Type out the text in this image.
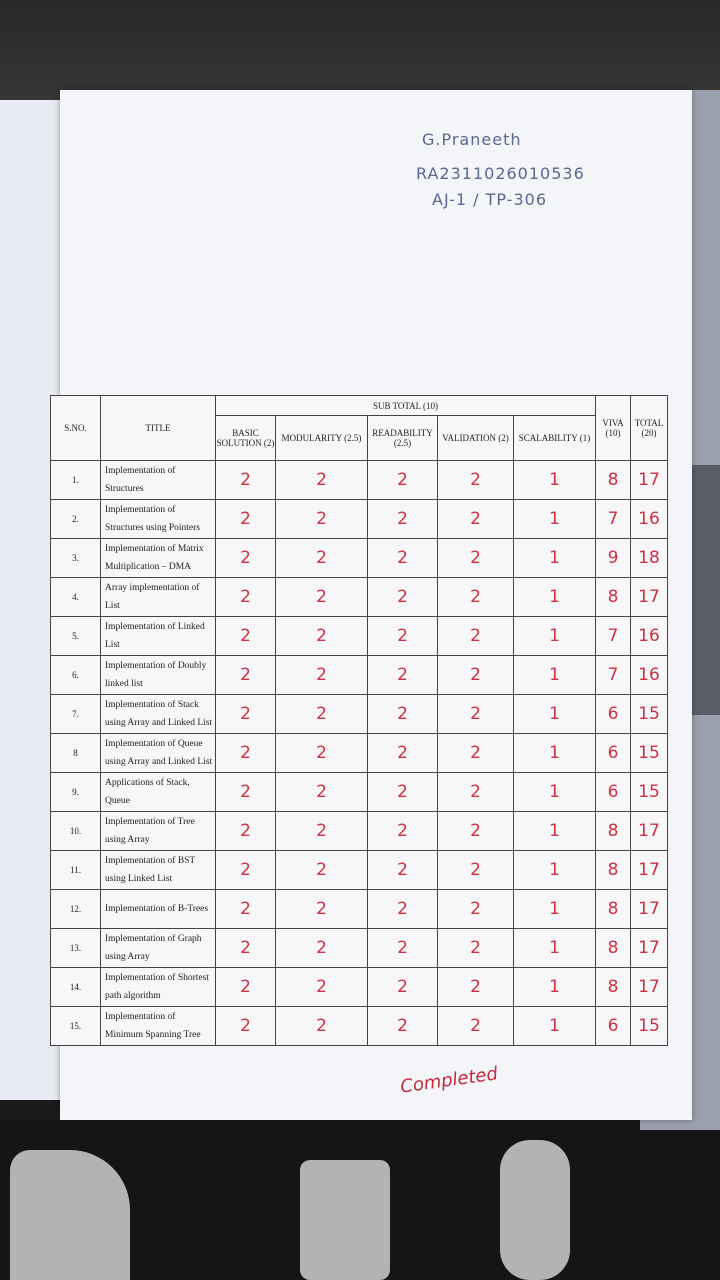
G.Praneeth
RA2311026010536
AJ-1 / TP-306
S.NO.	TITLE	SUB TOTAL (10)					VIVA (10)	TOTAL (20)
		BASIC SOLUTION (2)	MODULARITY (2.5)	READABILITY (2.5)	VALIDATION (2)	SCALABILITY (1)		
1.	Implementation of Structures	2	2	2	2	1	8	17
2.	Implementation of Structures using Pointers	2	2	2	2	1	7	16
3.	Implementation of Matrix Multiplication – DMA	2	2	2	2	1	9	18
4.	Array implementation of List	2	2	2	2	1	8	17
5.	Implementation of Linked List	2	2	2	2	1	7	16
6.	Implementation of Doubly linked list	2	2	2	2	1	7	16
7.	Implementation of Stack using Array and Linked List	2	2	2	2	1	6	15
8	Implementation of Queue using Array and Linked List	2	2	2	2	1	6	15
9.	Applications of Stack, Queue	2	2	2	2	1	6	15
10.	Implementation of Tree using Array	2	2	2	2	1	8	17
11.	Implementation of BST using Linked List	2	2	2	2	1	8	17
12.	Implementation of B-Trees	2	2	2	2	1	8	17
13.	Implementation of Graph using Array	2	2	2	2	1	8	17
14.	Implementation of Shortest path algorithm	2	2	2	2	1	8	17
15.	Implementation of Minimum Spanning Tree	2	2	2	2	1	6	15
Completed
